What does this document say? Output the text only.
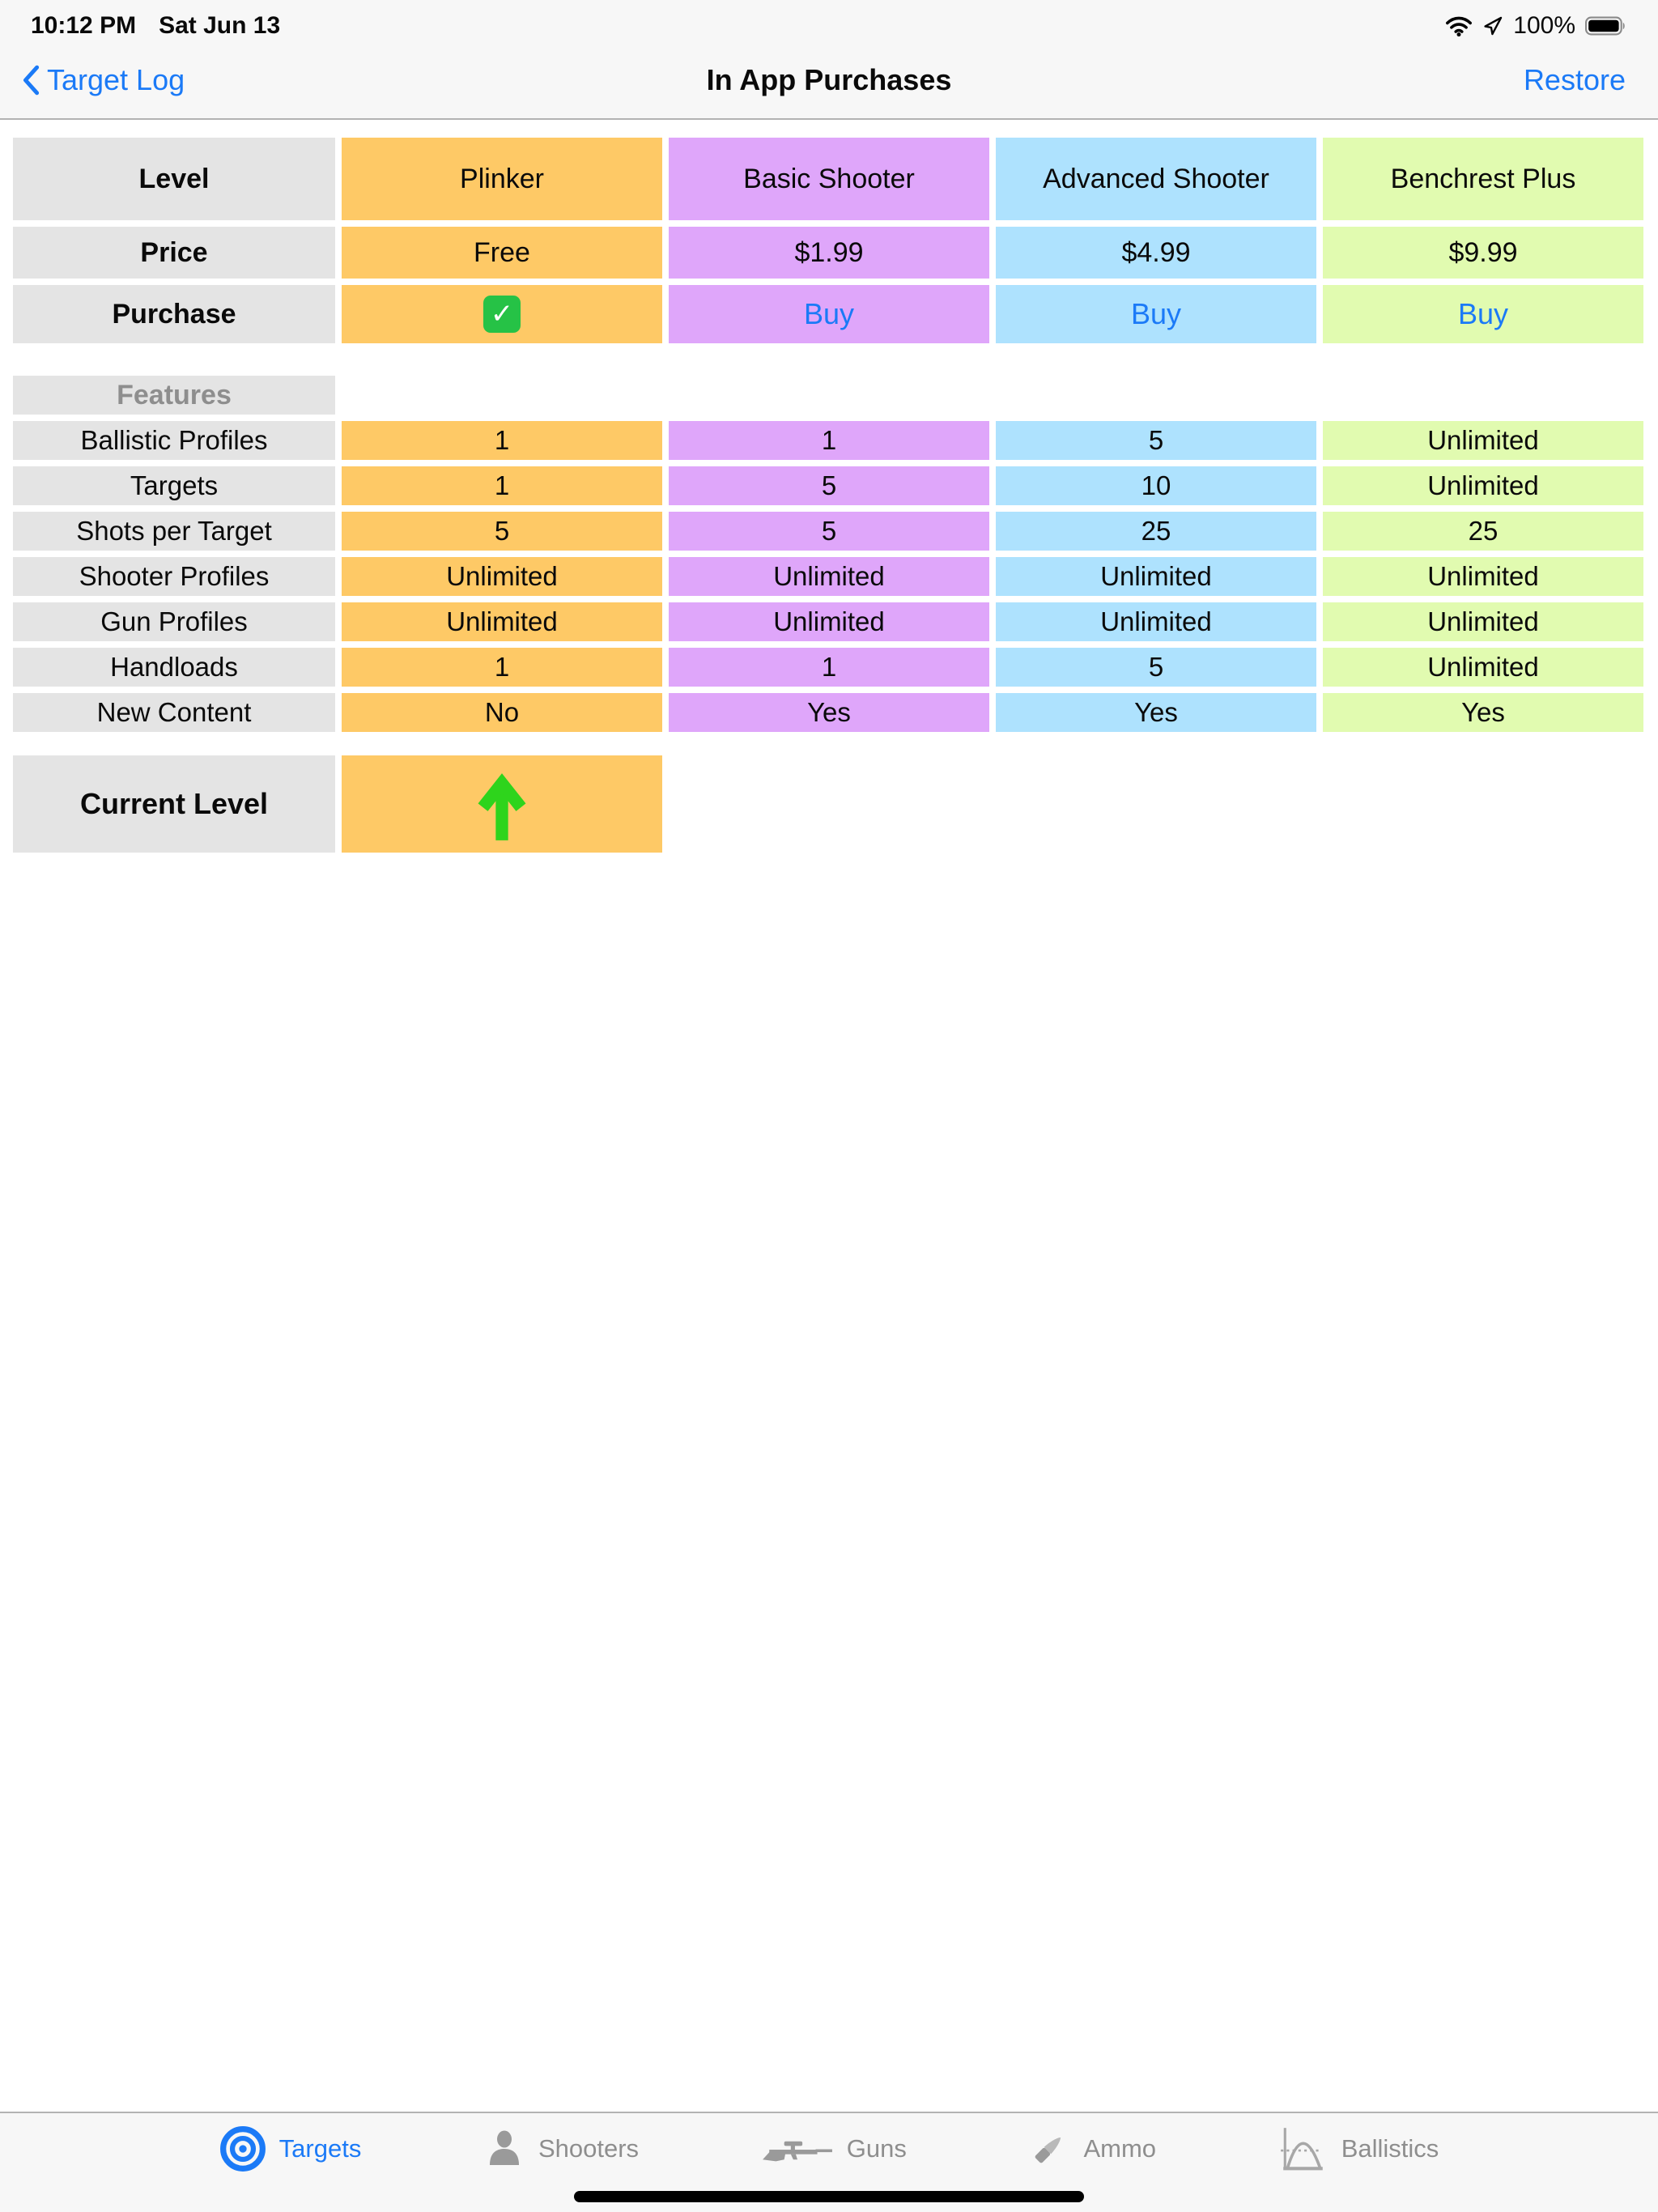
10:12 PM Sat Jun 13	100%
Target Log	In App Purchases	Restore
Level	Plinker	Basic Shooter	Advanced Shooter	Benchrest Plus
Price	Free	$1.99	$4.99	$9.99
Purchase	✓	Buy	Buy	Buy
Features
Ballistic Profiles	1	1	5	Unlimited
Targets	1	5	10	Unlimited
Shots per Target	5	5	25	25
Shooter Profiles	Unlimited	Unlimited	Unlimited	Unlimited
Gun Profiles	Unlimited	Unlimited	Unlimited	Unlimited
Handloads	1	1	5	Unlimited
New Content	No	Yes	Yes	Yes
Current Level
Targets	Shooters	Guns	Ammo	Ballistics
